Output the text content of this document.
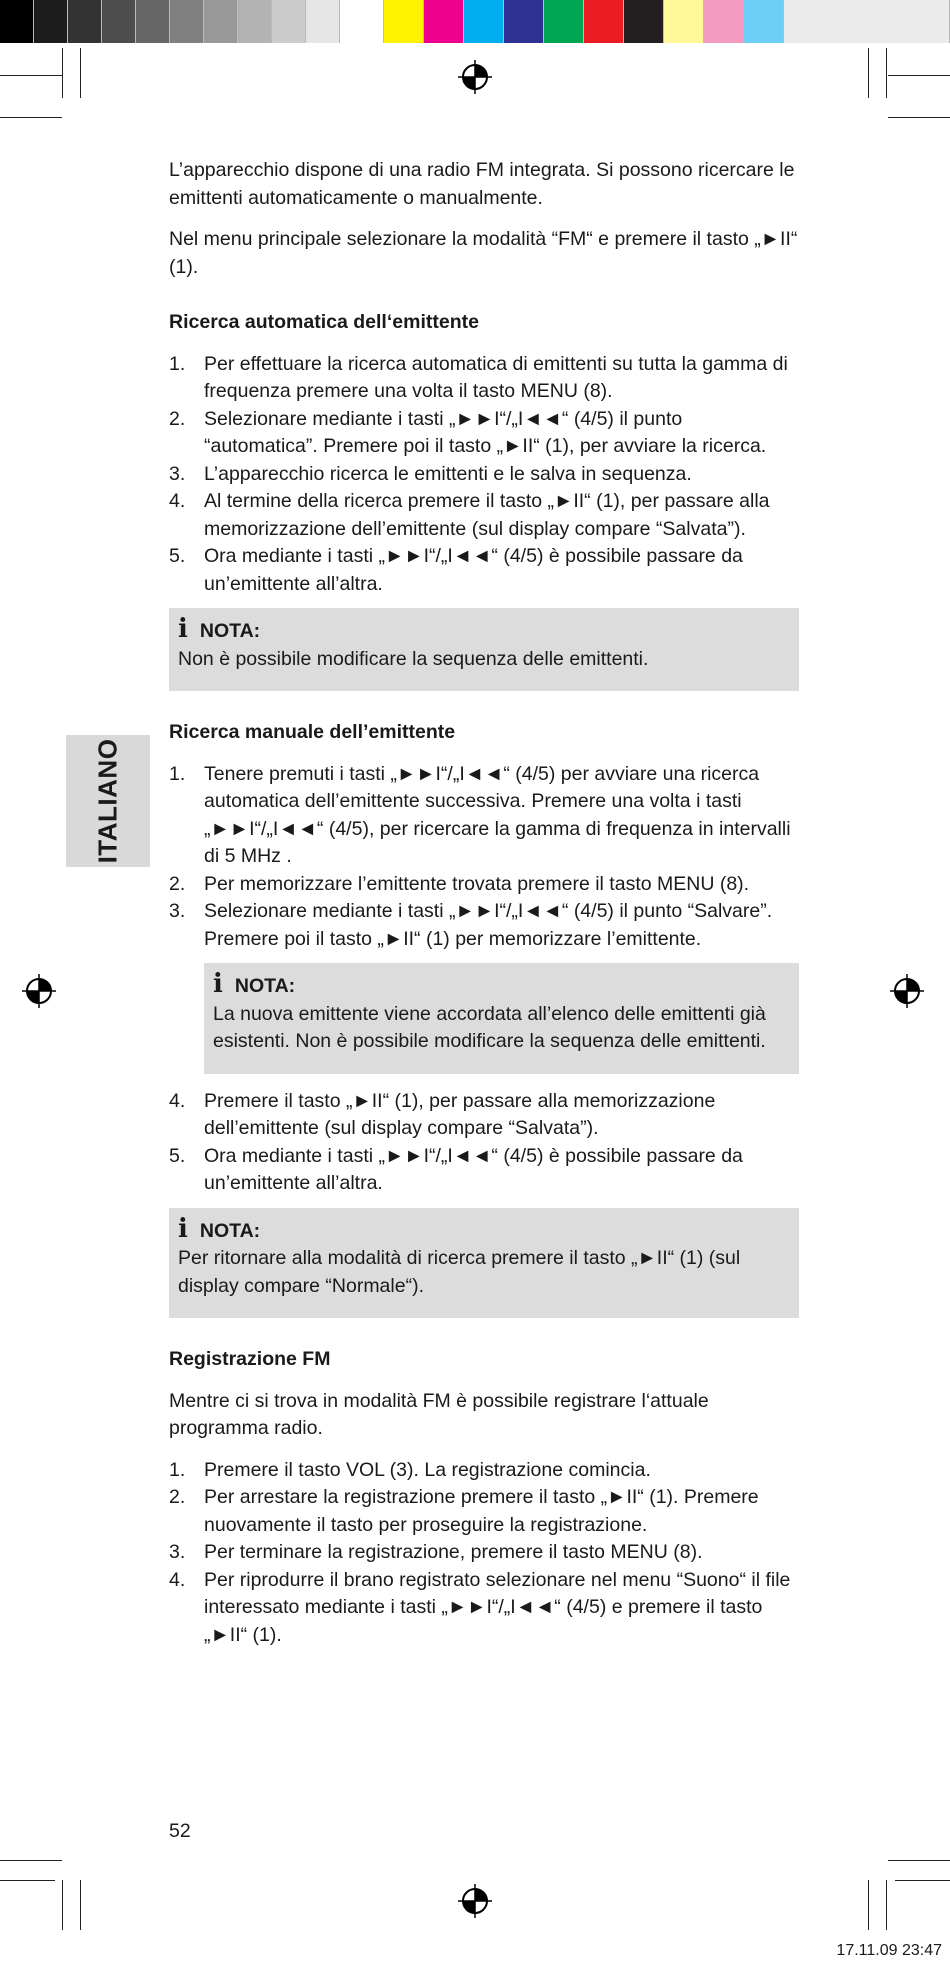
ITALIANO

L’apparecchio dispone di una radio FM integrata. Si possono ricercare le emittenti automaticamente o manualmente.

Nel menu principale selezionare la modalità “FM“ e premere il tasto „►II“ (1).

Ricerca automatica dell‘emittente
1. Per effettuare la ricerca automatica di emittenti su tutta la gamma di frequenza premere una volta il tasto MENU (8).
2. Selezionare mediante i tasti „►►I“/„I◄◄“ (4/5) il punto “automatica”. Premere poi il tasto „►II“ (1), per avviare la ricerca.
3. L’apparecchio ricerca le emittenti e le salva in sequenza.
4. Al termine della ricerca premere il tasto „►II“ (1), per passare alla memorizzazione dell’emittente (sul display compare “Salvata”).
5. Ora mediante i tasti „►►I“/„I◄◄“ (4/5) è possibile passare da un’emittente all’altra.
i NOTA:

Non è possibile modificare la sequenza delle emittenti.

Ricerca manuale dell’emittente
1. Tenere premuti i tasti „►►I“/„I◄◄“ (4/5) per avviare una ricerca automatica dell’emittente successiva. Premere una volta i tasti „►►I“/„I◄◄“ (4/5), per ricercare la gamma di frequenza in intervalli di 5 MHz .
2. Per memorizzare l’emittente trovata premere il tasto MENU (8).
3. Selezionare mediante i tasti „►►I“/„I◄◄“ (4/5) il punto “Salvare”. Premere poi il tasto „►II“ (1) per memorizzare l’emittente.
i NOTA:

La nuova emittente viene accordata all’elenco delle emittenti già esistenti. Non è possibile modificare la sequenza delle emittenti.

4. Premere il tasto „►II“ (1), per passare alla memorizzazione dell’emittente (sul display compare “Salvata”).
5. Ora mediante i tasti „►►I“/„I◄◄“ (4/5) è possibile passare da un’emittente all’altra.
i NOTA:

Per ritornare alla modalità di ricerca premere il tasto „►II“ (1) (sul display compare “Normale“).

Registrazione FM

Mentre ci si trova in modalità FM è possibile registrare l‘attuale programma radio.

1. Premere il tasto VOL (3). La registrazione comincia.
2. Per arrestare la registrazione premere il tasto „►II“ (1). Premere nuovamente il tasto per proseguire la registrazione.
3. Per terminare la registrazione, premere il tasto MENU (8).
4. Per riprodurre il brano registrato selezionare nel menu “Suono“ il file interessato mediante i tasti „►►I“/„I◄◄“ (4/5) e premere il tasto „►II“ (1).
52
17.11.09 23:47
